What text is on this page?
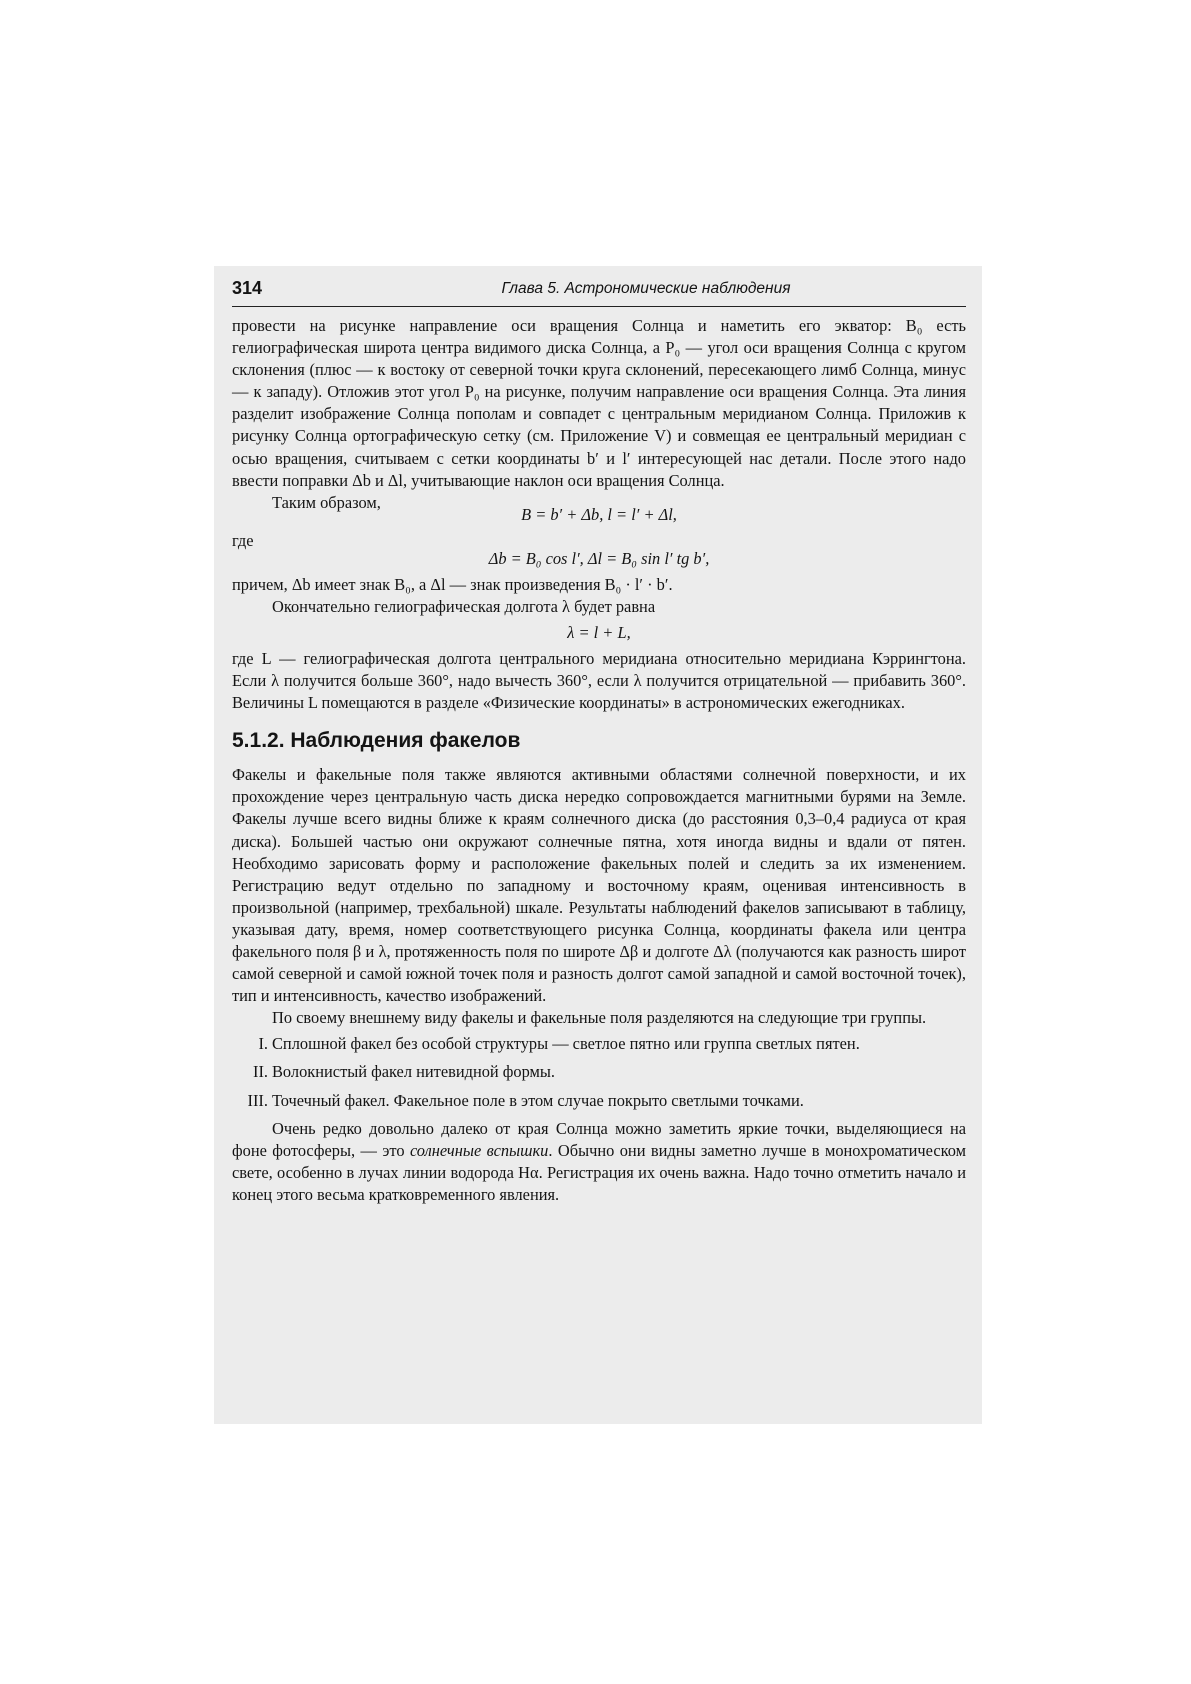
314	Глава 5. Астрономические наблюдения

провести на рисунке направление оси вращения Солнца и наметить его экватор: B₀ есть гелиографическая широта центра видимого диска Солнца, а P₀ — угол оси вращения Солнца с кругом склонения (плюс — к востоку от северной точки круга склонений, пересекающего лимб Солнца, минус — к западу). Отложив этот угол P₀ на рисунке, получим направление оси вращения Солнца. Эта линия разделит изображение Солнца пополам и совпадет с центральным меридианом Солнца. Приложив к рисунку Солнца ортографическую сетку (см. Приложение V) и совмещая ее центральный меридиан с осью вращения, считываем с сетки координаты b′ и l′ интересующей нас детали. После этого надо ввести поправки Δb и Δl, учитывающие наклон оси вращения Солнца.

Таким образом,
B = b′ + Δb, l = l′ + Δl,
где
Δb = B₀ cos l′, Δl = B₀ sin l′ tg b′,

причем, Δb имеет знак B₀, а Δl — знак произведения B₀ · l′ · b′.

Окончательно гелиографическая долгота λ будет равна

λ = l + L,

где L — гелиографическая долгота центрального меридиана относительно меридиана Кэррингтона. Если λ получится больше 360°, надо вычесть 360°, если λ получится отрицательной — прибавить 360°. Величины L помещаются в разделе «Физические координаты» в астрономических ежегодниках.

5.1.2. Наблюдения факелов

Факелы и факельные поля также являются активными областями солнечной поверхности, и их прохождение через центральную часть диска нередко сопровождается магнитными бурями на Земле. Факелы лучше всего видны ближе к краям солнечного диска (до расстояния 0,3–0,4 радиуса от края диска). Большей частью они окружают солнечные пятна, хотя иногда видны и вдали от пятен. Необходимо зарисовать форму и расположение факельных полей и следить за их изменением. Регистрацию ведут отдельно по западному и восточному краям, оценивая интенсивность в произвольной (например, трехбальной) шкале. Результаты наблюдений факелов записывают в таблицу, указывая дату, время, номер соответствующего рисунка Солнца, координаты факела или центра факельного поля β и λ, протяженность поля по широте Δβ и долготе Δλ (получаются как разность широт самой северной и самой южной точек поля и разность долгот самой западной и самой восточной точек), тип и интенсивность, качество изображений.

По своему внешнему виду факелы и факельные поля разделяются на следующие три группы.

I. Сплошной факел без особой структуры — светлое пятно или группа светлых пятен.
II. Волокнистый факел нитевидной формы.
III. Точечный факел. Факельное поле в этом случае покрыто светлыми точками.

Очень редко довольно далеко от края Солнца можно заметить яркие точки, выделяющиеся на фоне фотосферы, — это солнечные вспышки. Обычно они видны заметно лучше в монохроматическом свете, особенно в лучах линии водорода Hα. Регистрация их очень важна. Надо точно отметить начало и конец этого весьма кратковременного явления.
